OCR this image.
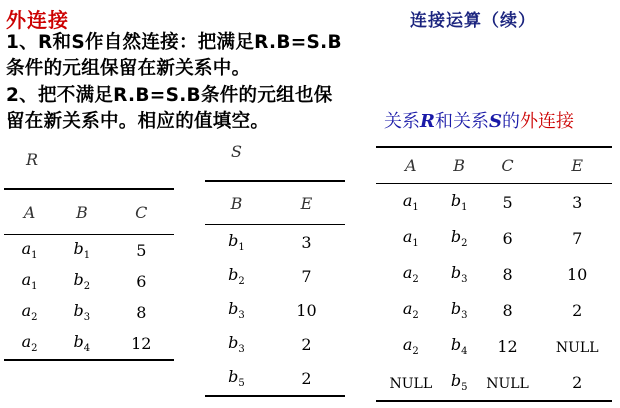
外连接	连接运算（续）
1、R和S作自然连接：把满足R.B=S.B
条件的元组保留在新关系中。
2、把不满足R.B=S.B条件的元组也保
留在新关系中。相应的值填空。	关系R和关系S的外连接
R	S
A	B	C
$a_1$	$b_1$	5
$a_1$	$b_2$	6
$a_2$	$b_3$	8
$a_2$	$b_4$	12
B	E
$b_1$	3
$b_2$	7
$b_3$	10
$b_3$	2
$b_5$	2
A	B	C	E
$a_1$	$b_1$	5	3
$a_1$	$b_2$	6	7
$a_2$	$b_3$	8	10
$a_2$	$b_3$	8	2
$a_2$	$b_4$	12	NULL
NULL	$b_5$	NULL	2
